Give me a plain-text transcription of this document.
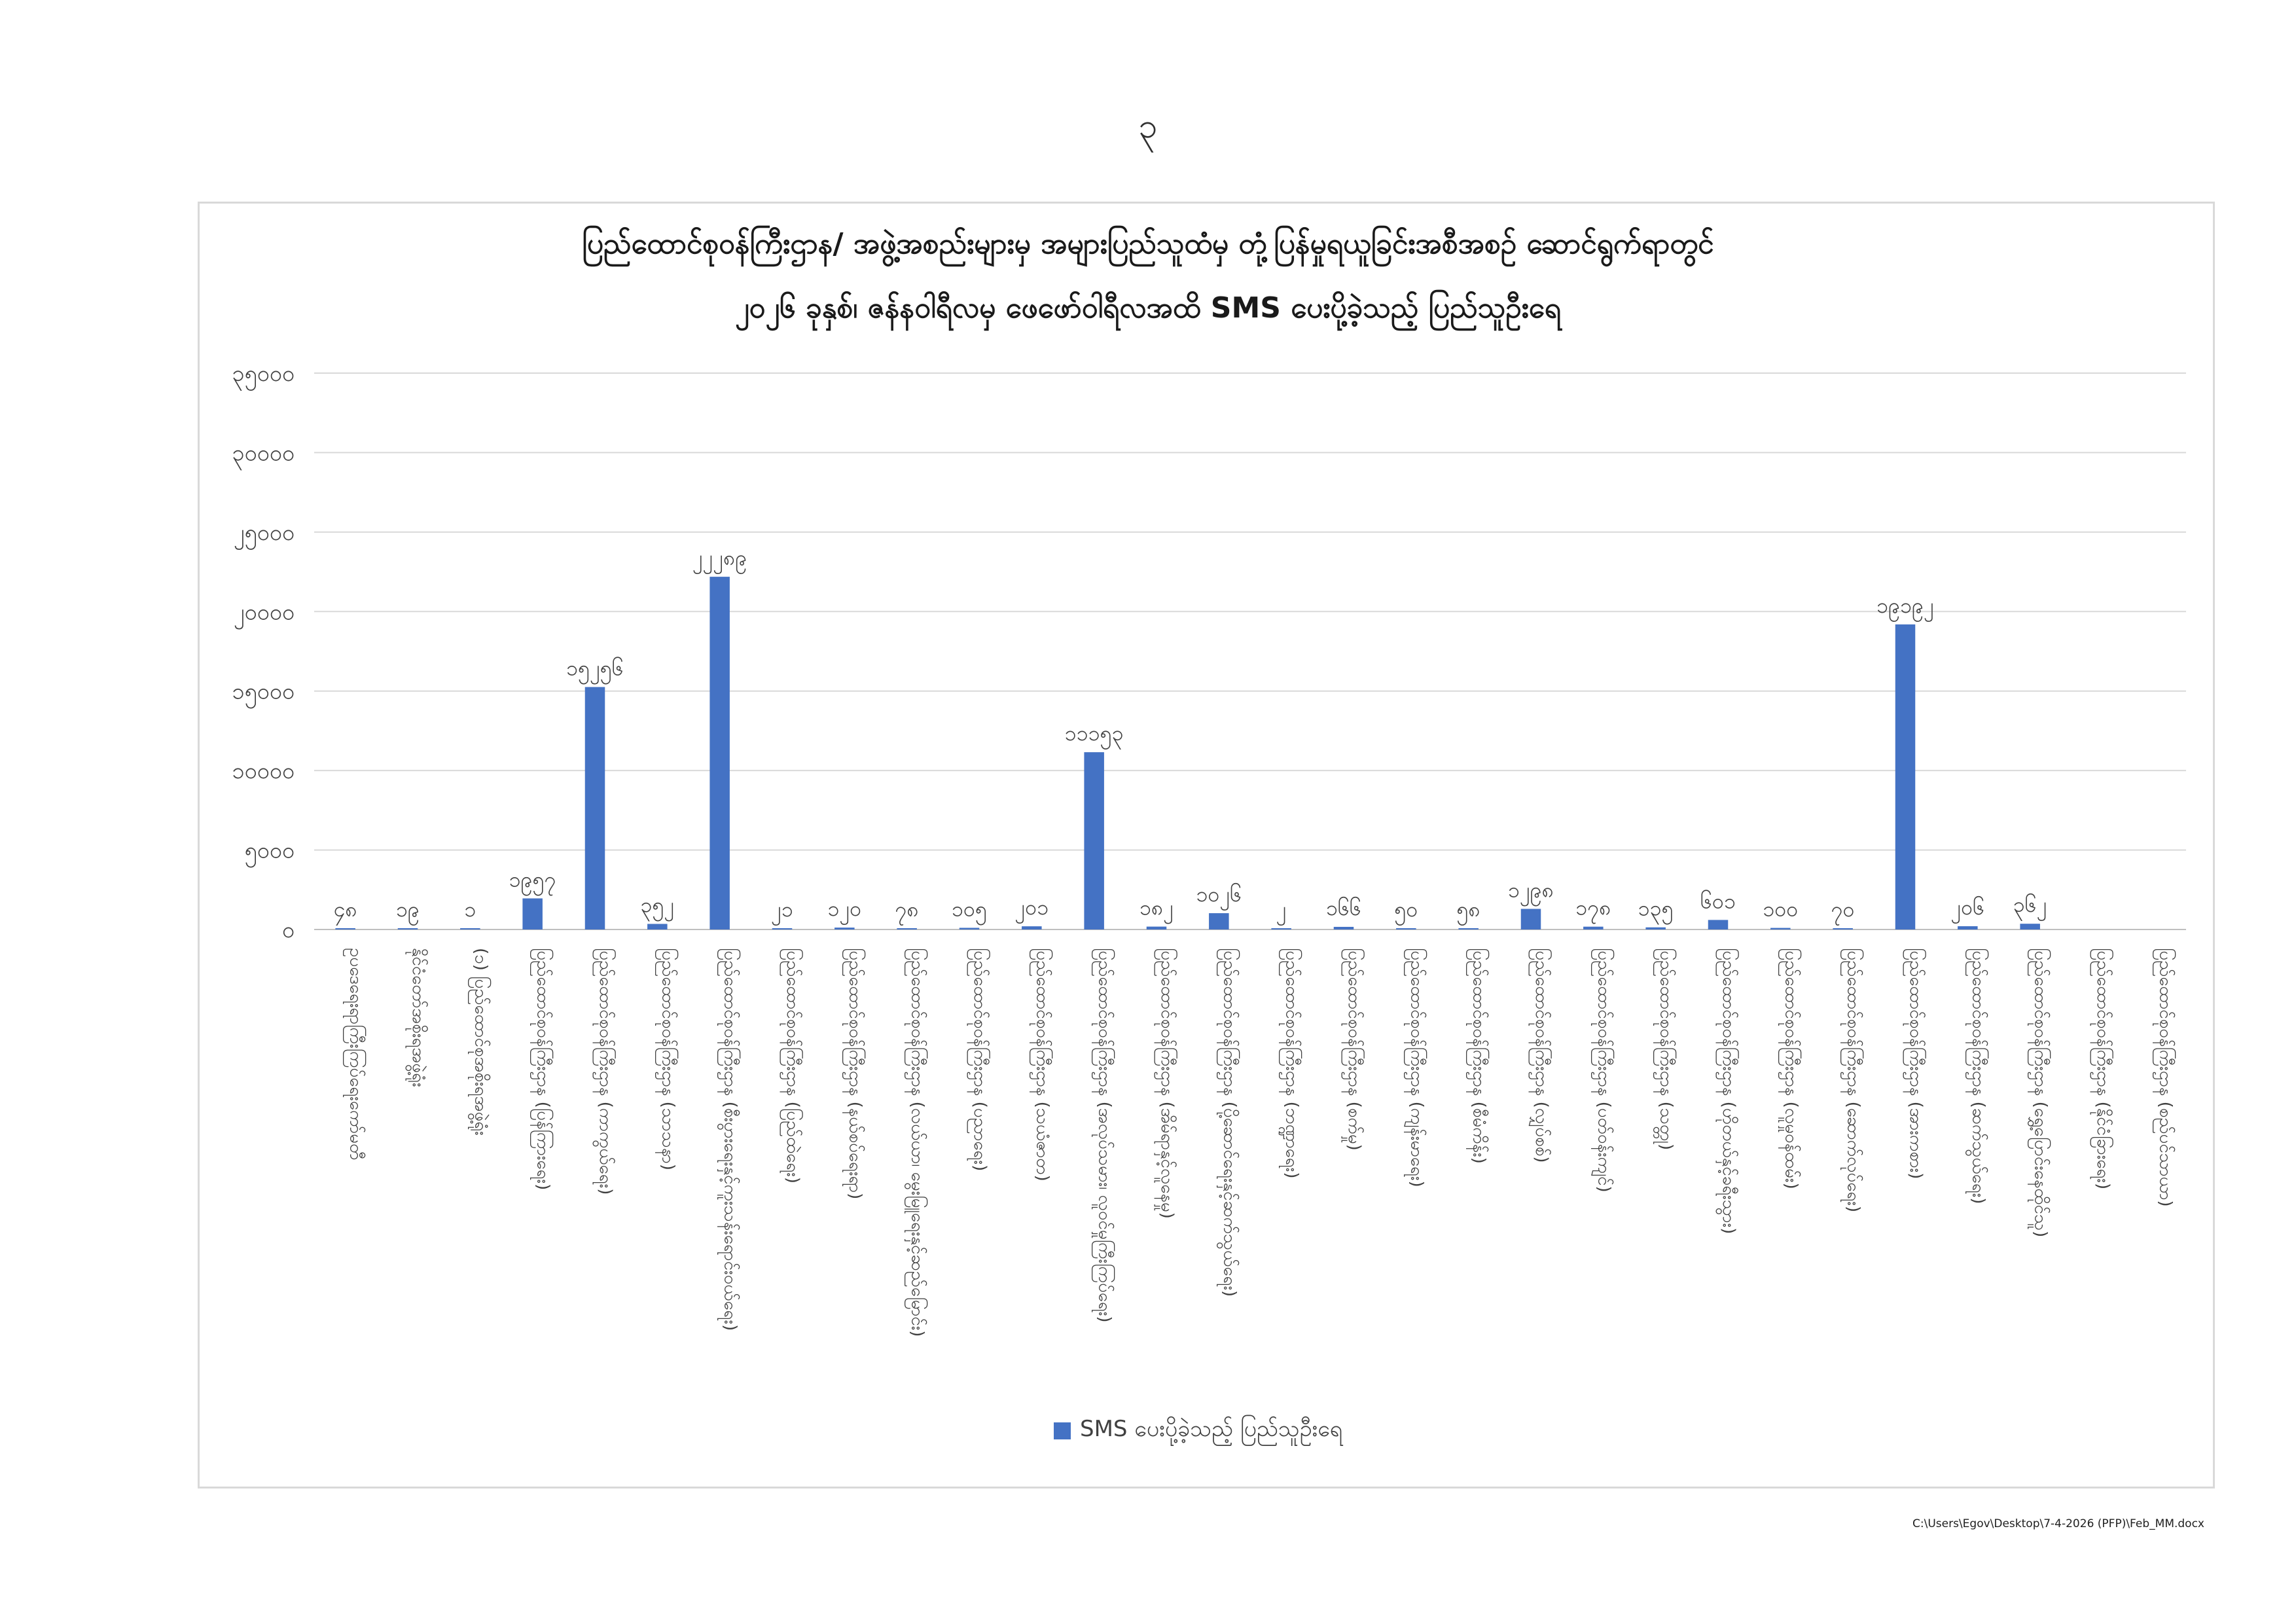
၃
ပြည်ထောင်စုဝန်ကြီးဌာန/ အဖွဲ့အစည်းများမှ အများပြည်သူထံမှ တုံ့ပြန်မှုရယူခြင်းအစီအစဉ် ဆောင်ရွက်ရာတွင်
၂၀၂၆ ခုနှစ်၊ ဇန်နဝါရီလမှ ဖေဖော်ဝါရီလအထိ SMS ပေးပို့ခဲ့သည့် ပြည်သူဦးရေ
၀
၅၀၀၀
၁၀၀၀၀
၁၅၀၀၀
၂၀၀၀၀
၂၅၀၀၀
၃၀၀၀၀
၃၅၀၀၀
၄၈
ဥပဒေရေးရာကြီးကြပ်ရေးကော်မတီ
၁၉
နိုင်ငံတော်အစိုးရအဖွဲ့ရုံး
၁
(၁) ပြည်ထောင်စုအစိုးရအဖွဲ့ရုံး
၁၉၅၇
ပြည်ထောင်စုဝန်ကြီးဌာန (ပြန်ကြားရေး)
၁၅၂၅၆
ပြည်ထောင်စုဝန်ကြီးဌာန (ကာကွယ်ရေး)
၃၅၂
ပြည်ထောင်စုဝန်ကြီးဌာန (သာသနာ)
၂၂၂၈၉
ပြည်ထောင်စုဝန်ကြီးဌာန (စီးပွားရေးနှင့်ကူးသန်းရောင်းဝယ်ရေး)
၂၁
ပြည်ထောင်စုဝန်ကြီးဌာန (ပြည်ထဲရေး)
၁၂၀
ပြည်ထောင်စုဝန်ကြီးဌာန (နယ်စပ်ရေးရာ)
၇၈
ပြည်ထောင်စုဝန်ကြီးဌာန (လယ်ယာ၊ မွေးမြူရေးနှင့်ဆည်မြောင်း)
၁၀၅
ပြည်ထောင်စုဝန်ကြီးဌာန (ပညာရေး)
၂၀၁
ပြည်ထောင်စုဝန်ကြီးဌာန (သယံဇာတ)
၁၁၁၅၃
ပြည်ထောင်စုဝန်ကြီးဌာန (အလုပ်သမား၊ လူဝင်မှုကြီးကြပ်ရေး)
၁၈၂
ပြည်ထောင်စုဝန်ကြီးဌာန (အိမ်ရာနှင့်လူနေမှု)
၁၀၂၆
ပြည်ထောင်စုဝန်ကြီးဌာန (ပို့ဆောင်ရေးနှင့်ဆက်သွယ်ရေး)
၂
ပြည်ထောင်စုဝန်ကြီးဌာန (ဘဏ္ဍာရေး)
၁၆၆
ပြည်ထောင်စုဝန်ကြီးဌာန (စက်မှု)
၅၀
ပြည်ထောင်စုဝန်ကြီးဌာန (ကျန်းမာရေး)
၅၈
ပြည်ထောင်စုဝန်ကြီးဌာန (စီမံကိန်း)
၁၂၉၈
ပြည်ထောင်စုဝန်ကြီးဌာန (လျှပ်စစ်)
၁၇၈
ပြည်ထောင်စုဝန်ကြီးဌာန (ပတ်ဝန်းကျင်)
၁၃၅
ပြည်ထောင်စုဝန်ကြီးဌာန (သတ္တု)
၆၀၁
ပြည်ထောင်စုဝန်ကြီးဌာန (ဟိုတယ်နှင့်ခရီးသွား)
၁၀၀
ပြည်ထောင်စုဝန်ကြီးဌာန (လူမှုဝန်ထမ်း)
၇၀
ပြည်ထောင်စုဝန်ကြီးဌာန (ဆောက်လုပ်ရေး)
၁၉၁၉၂
ပြည်ထောင်စုဝန်ကြီးဌာန (အားကစား)
၂၀၆
ပြည်ထောင်စုဝန်ကြီးဌာန (ဆက်သွယ်ရေး)
၃၆၂
ပြည်ထောင်စုဝန်ကြီးဌာန (ရွှေ့ပြောင်းနေထိုင်သူ)	ပြည်ထောင်စုဝန်ကြီးဌာန (နိုင်ငံခြားရေး)	ပြည်ထောင်စုဝန်ကြီးဌာန (စည်ပင်သာယာ)
SMS ပေးပို့ခဲ့သည့် ပြည်သူဦးရေ
C:\Users\Egov\Desktop\7-4-2026 (PFP)\Feb_MM.docx
